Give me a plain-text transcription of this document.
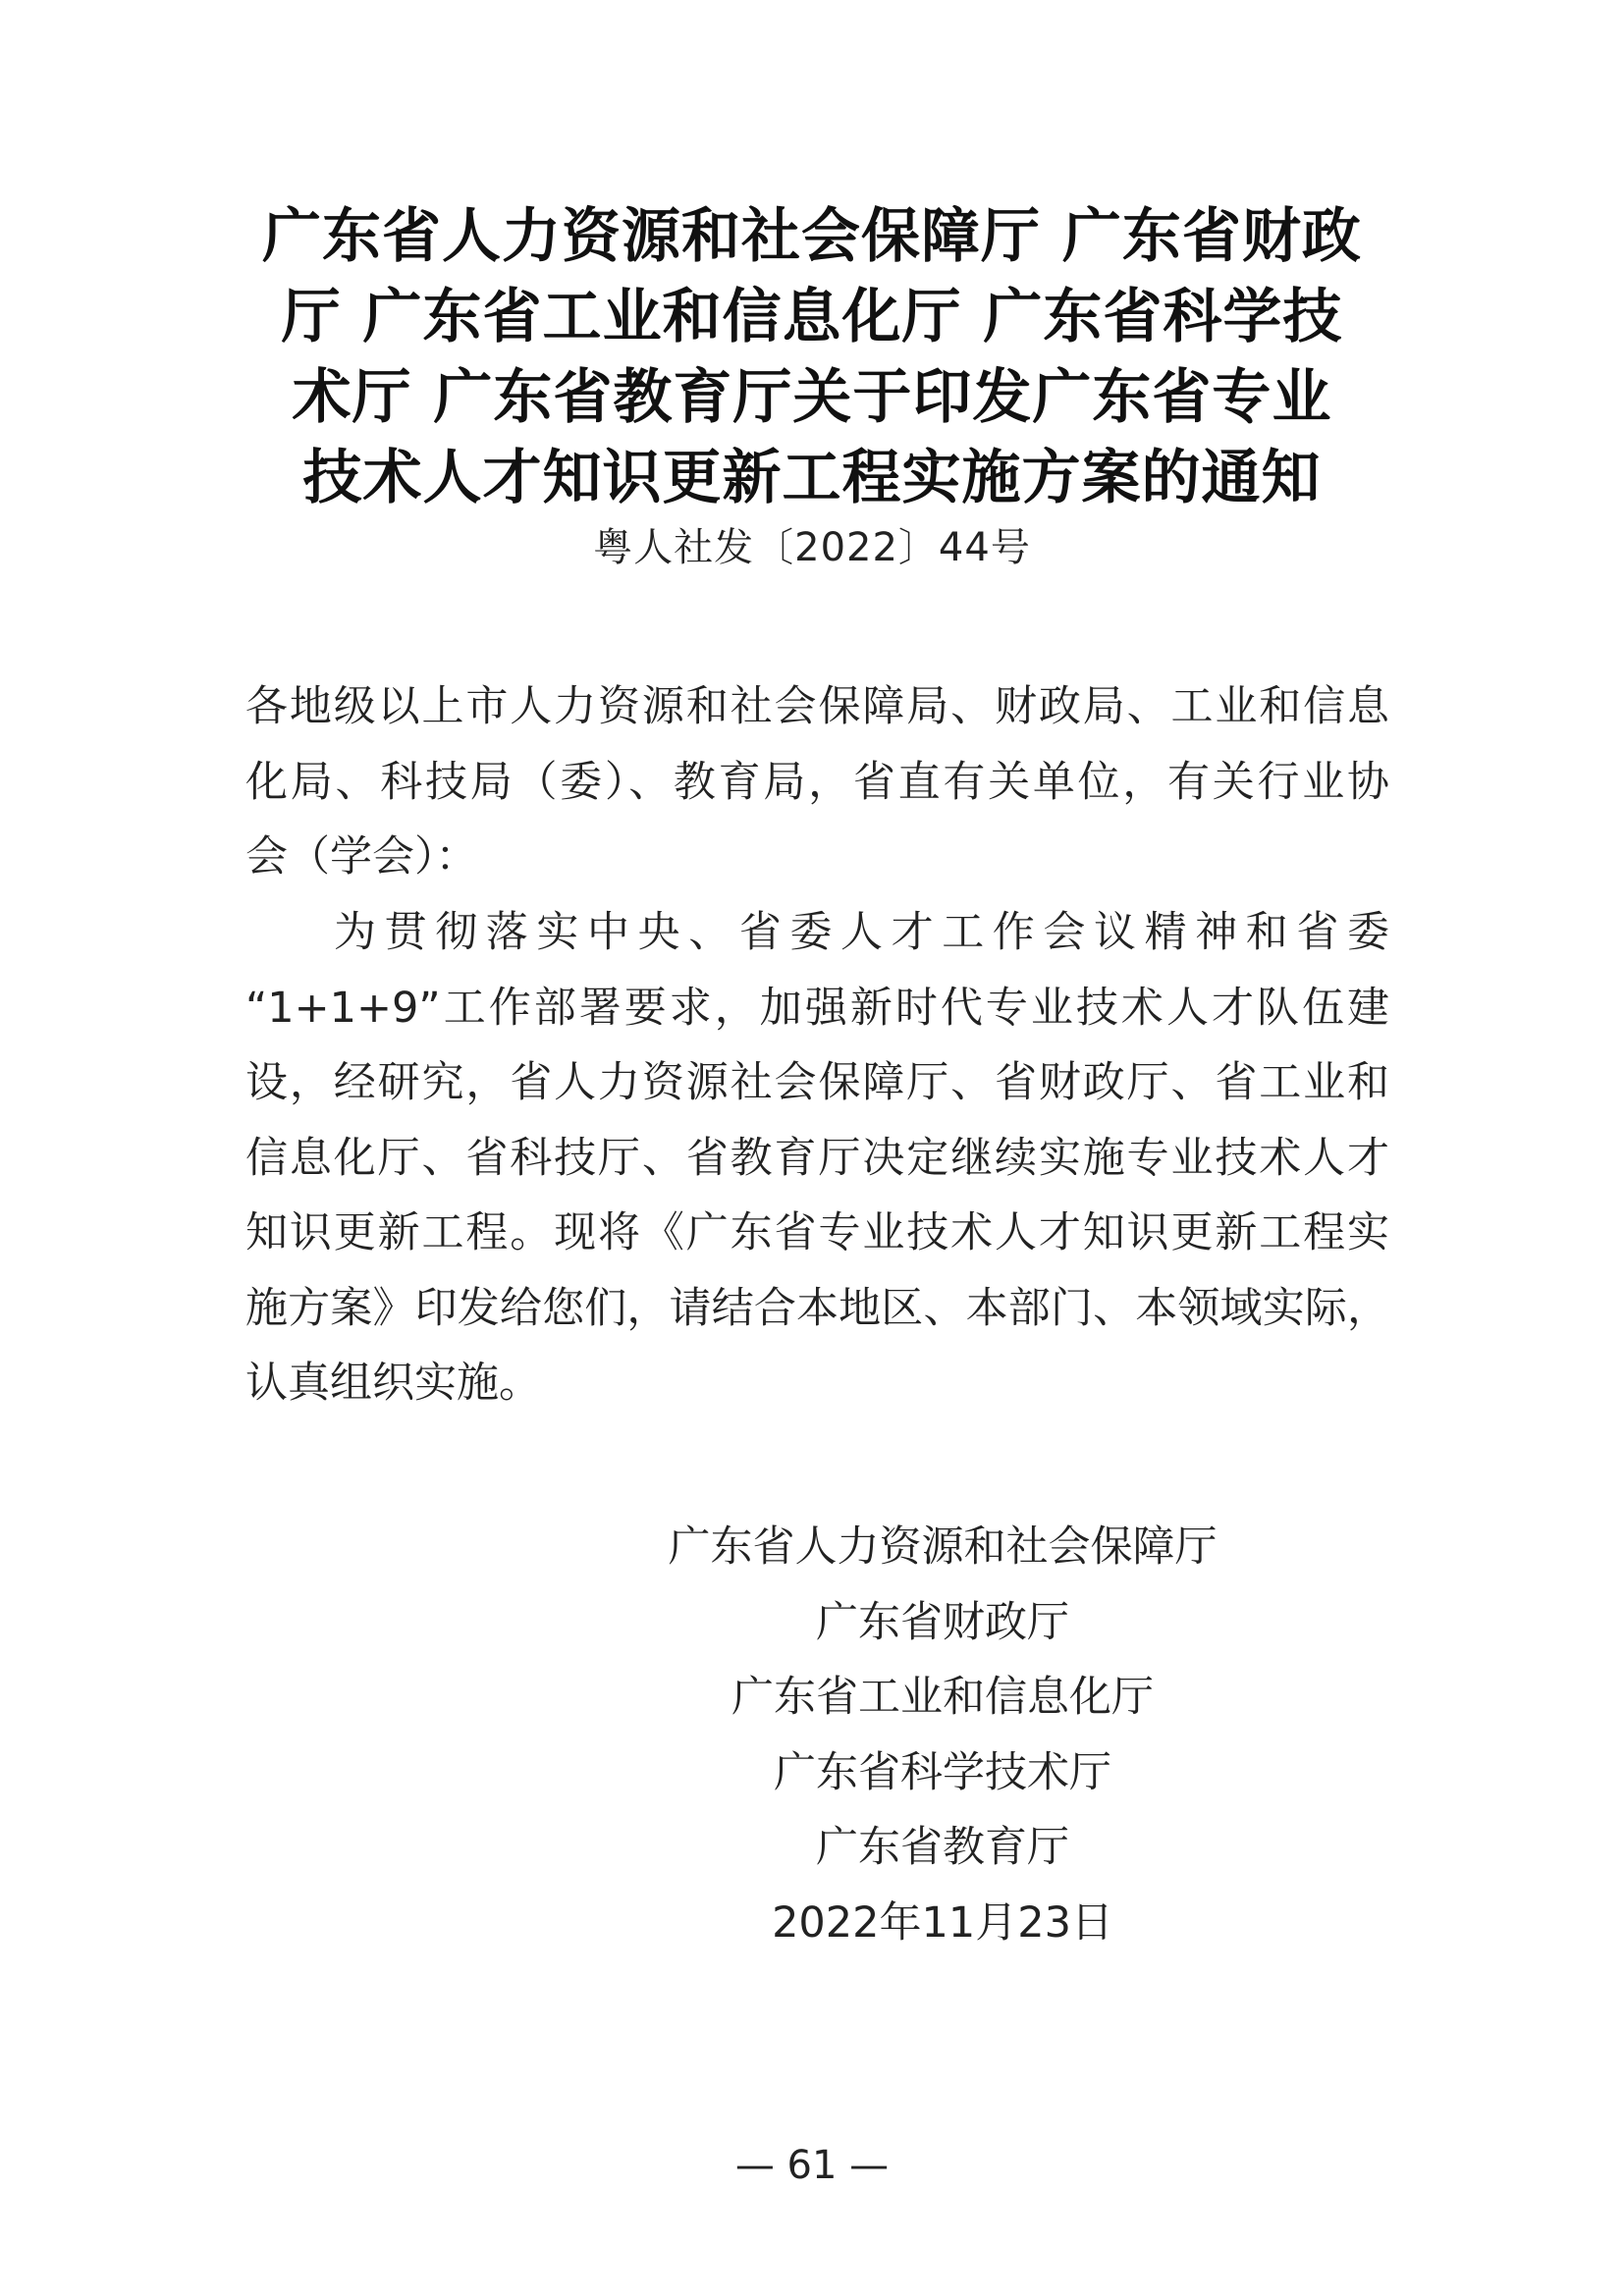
广东省人力资源和社会保障厅 广东省财政
厅 广东省工业和信息化厅 广东省科学技
术厅 广东省教育厅关于印发广东省专业
技术人才知识更新工程实施方案的通知
粤人社发〔2022〕44号
各地级以上市人力资源和社会保障局、财政局、工业和信息
化局、科技局（委）、教育局，省直有关单位，有关行业协
会（学会）：
为贯彻落实中央、省委人才工作会议精神和省委
“1+1+9”工作部署要求，加强新时代专业技术人才队伍建
设，经研究，省人力资源社会保障厅、省财政厅、省工业和
信息化厅、省科技厅、省教育厅决定继续实施专业技术人才
知识更新工程。现将《广东省专业技术人才知识更新工程实
施方案》印发给您们，请结合本地区、本部门、本领域实际，
认真组织实施。
广东省人力资源和社会保障厅
广东省财政厅
广东省工业和信息化厅
广东省科学技术厅
广东省教育厅
2022年11月23日
— 61 —
